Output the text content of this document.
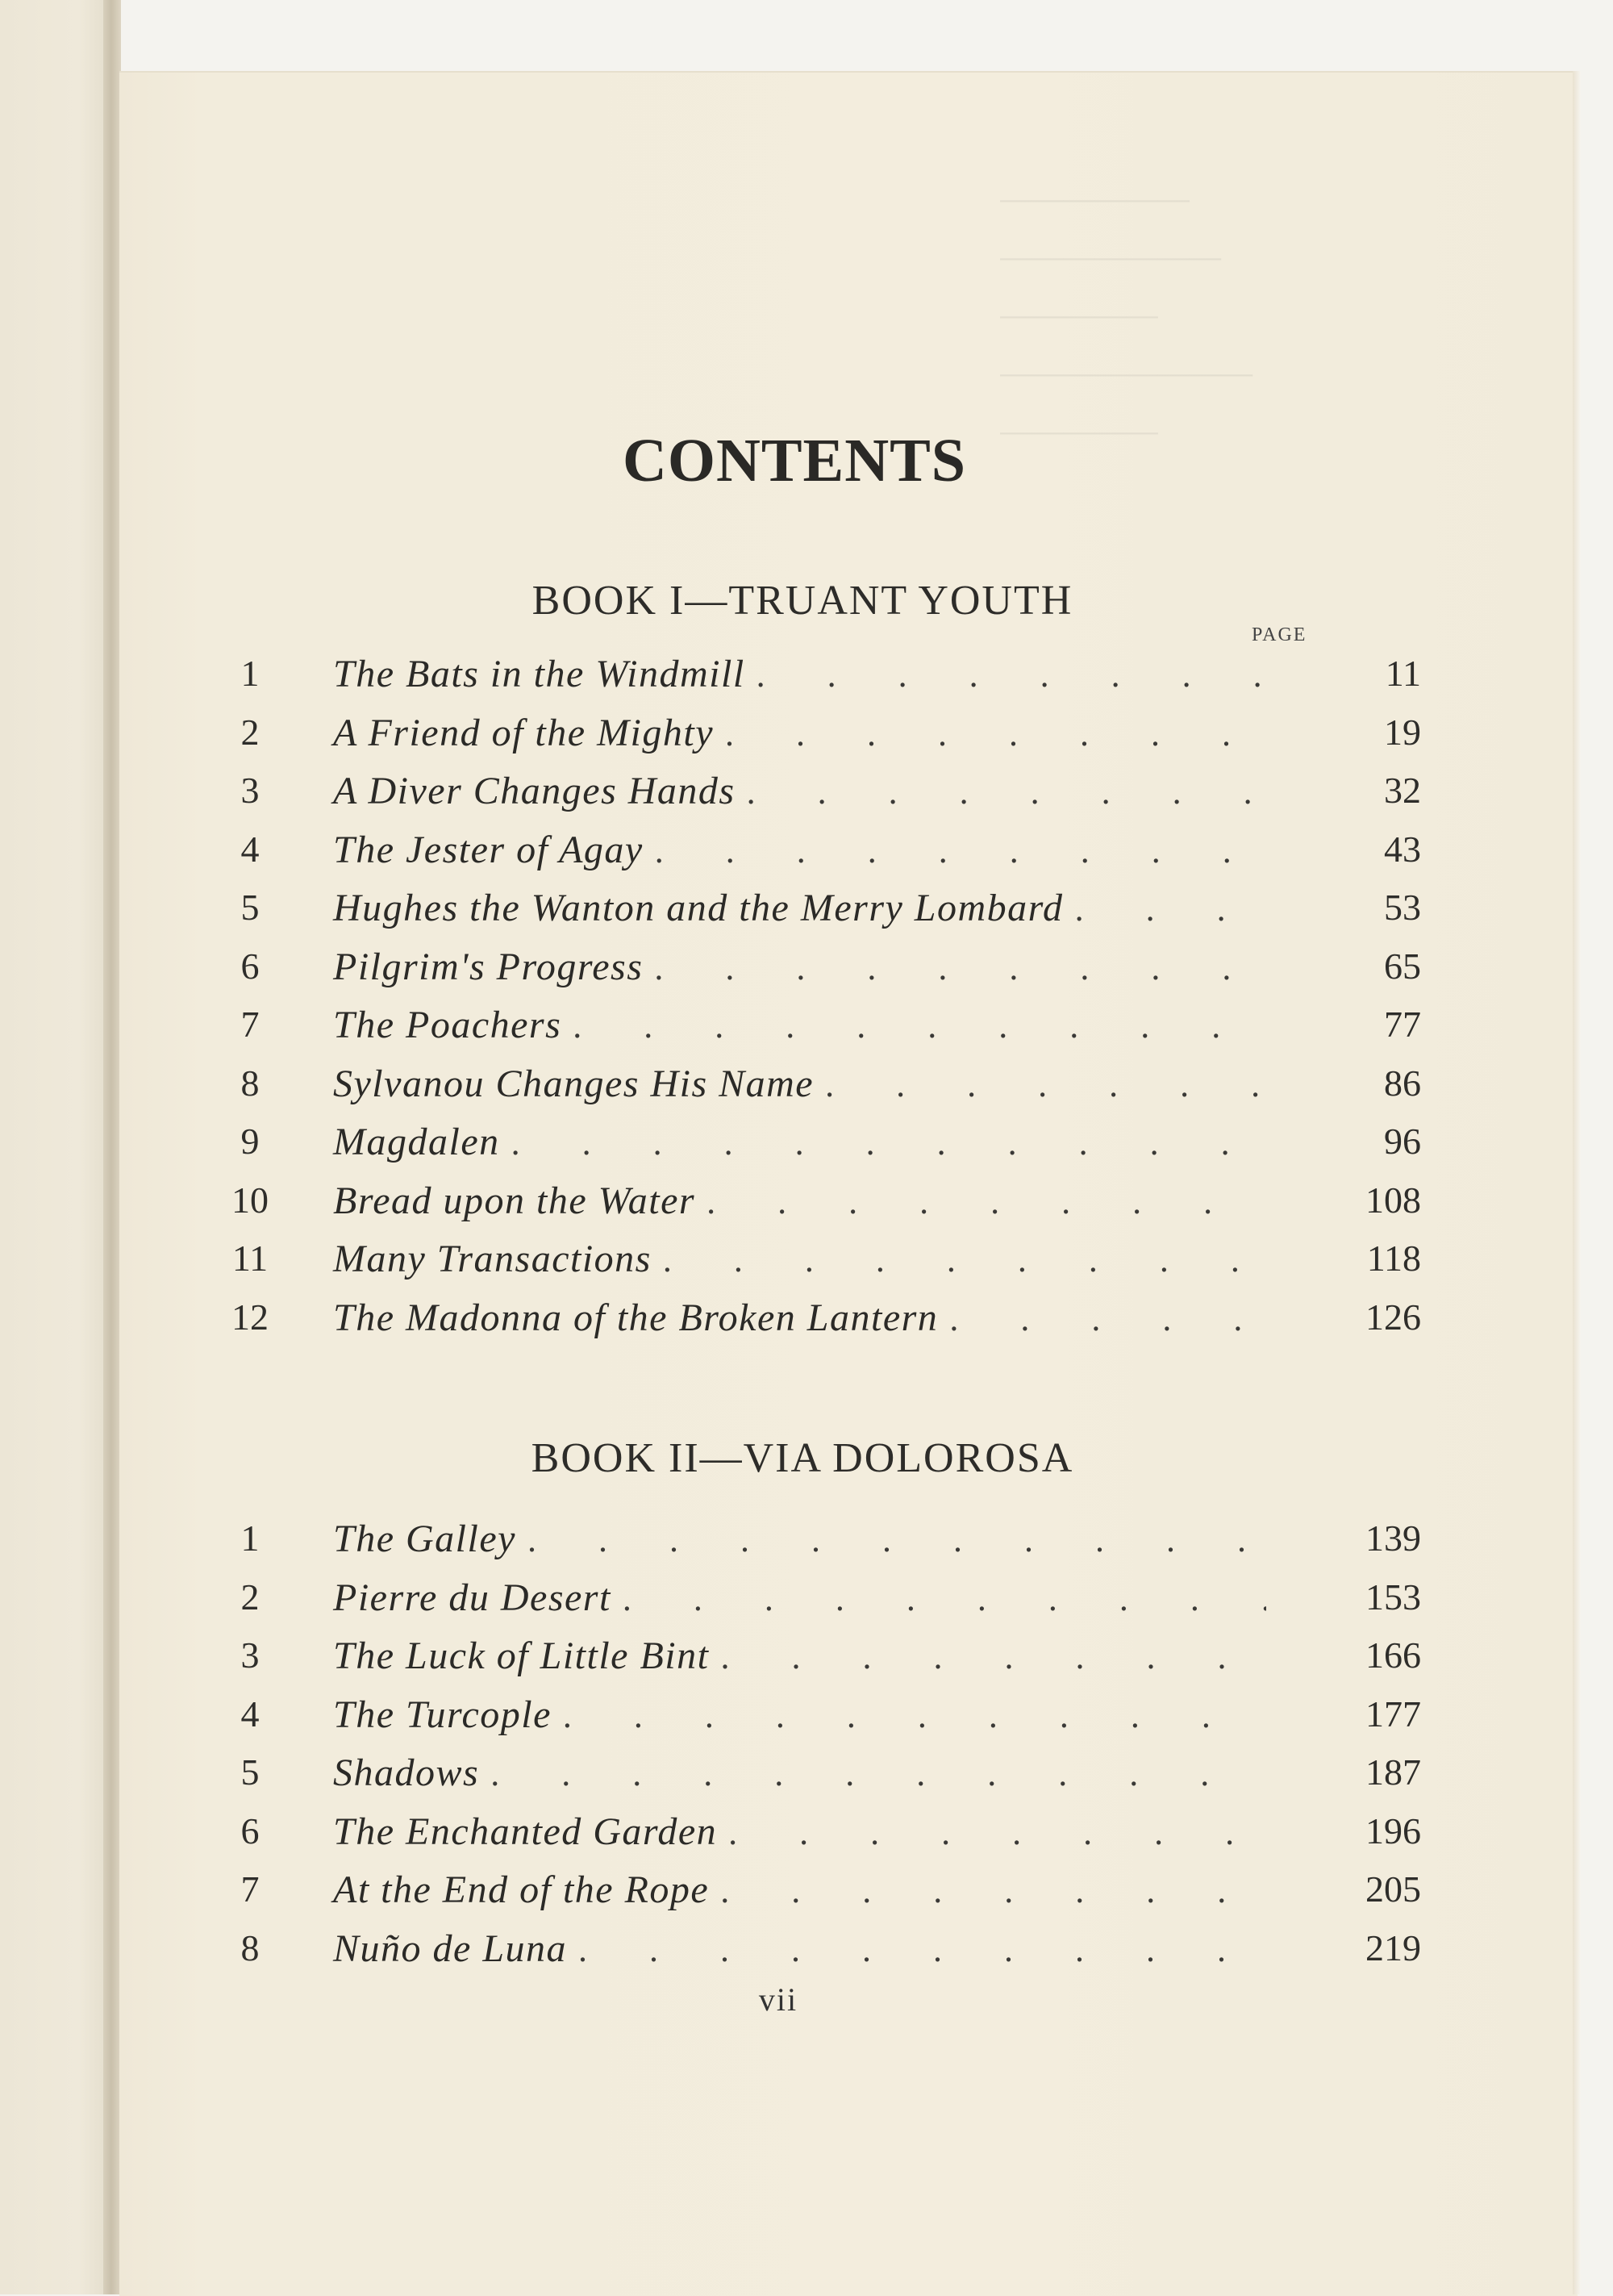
CONTENTS
BOOK I—TRUANT YOUTH
PAGE
1	The Bats in the Windmill .	11
2	A Friend of the Mighty .	19
3	A Diver Changes Hands .	32
4	The Jester of Agay .	43
5	Hughes the Wanton and the Merry Lombard .	53
6	Pilgrim's Progress .	65
7	The Poachers .	77
8	Sylvanou Changes His Name .	86
9	Magdalen .	96
10 Bread upon the Water .	108
11 Many Transactions .	118
12 The Madonna of the Broken Lantern .	126
BOOK II—VIA DOLOROSA
1	The Galley .	139
2	Pierre du Desert .	153
3	The Luck of Little Bint .	166
4	The Turcople .	177
5	Shadows .	187
6	The Enchanted Garden .	196
7	At the End of the Rope .	205
8	Nuño de Luna .	219
vii
